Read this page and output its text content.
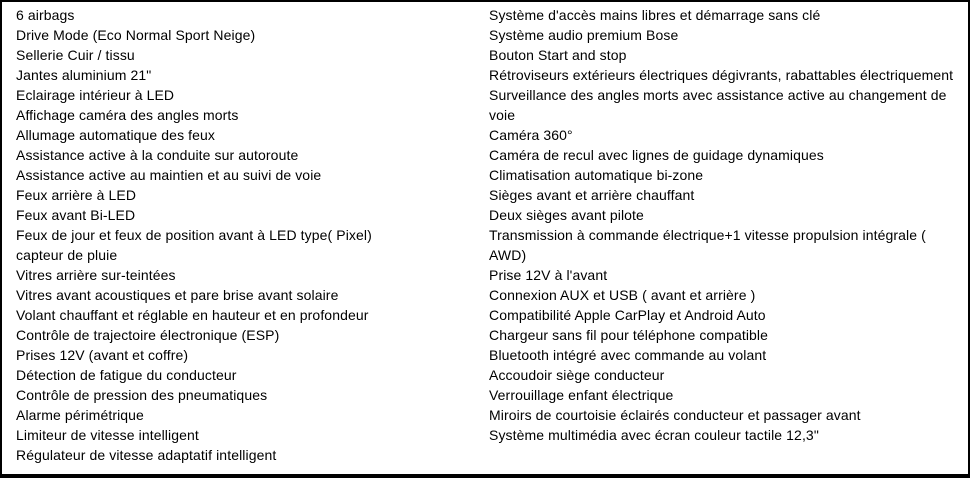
6 airbags
Drive Mode (Eco Normal Sport Neige)
Sellerie Cuir / tissu
Jantes aluminium 21"
Eclairage intérieur à LED
Affichage caméra des angles morts
Allumage automatique des feux
Assistance active à la conduite sur autoroute
Assistance active au maintien et au suivi de voie
Feux arrière à LED
Feux avant Bi-LED
Feux de jour et feux de position avant à LED type( Pixel)
capteur de pluie
Vitres arrière sur-teintées
Vitres avant acoustiques et pare brise avant solaire
Volant chauffant et réglable en hauteur et en profondeur
Contrôle de trajectoire électronique (ESP)
Prises 12V (avant et coffre)
Détection de fatigue du conducteur
Contrôle de pression des pneumatiques
Alarme périmétrique
Limiteur de vitesse intelligent
Régulateur de vitesse adaptatif intelligent
Système d'accès mains libres et démarrage sans clé
Système audio premium Bose
Bouton Start and stop
Rétroviseurs extérieurs électriques dégivrants, rabattables électriquement
Surveillance des angles morts avec assistance active au changement de
voie
Caméra 360°
Caméra de recul avec lignes de guidage dynamiques
Climatisation automatique bi-zone
Sièges avant et arrière chauffant
Deux sièges avant pilote
Transmission à commande électrique+1 vitesse propulsion intégrale (
AWD)
Prise 12V à l'avant
Connexion AUX et USB ( avant et arrière )
Compatibilité Apple CarPlay et Android Auto
Chargeur sans fil pour téléphone compatible
Bluetooth intégré avec commande au volant
Accoudoir siège conducteur
Verrouillage enfant électrique
Miroirs de courtoisie éclairés conducteur et passager avant
Système multimédia avec écran couleur tactile 12,3"
